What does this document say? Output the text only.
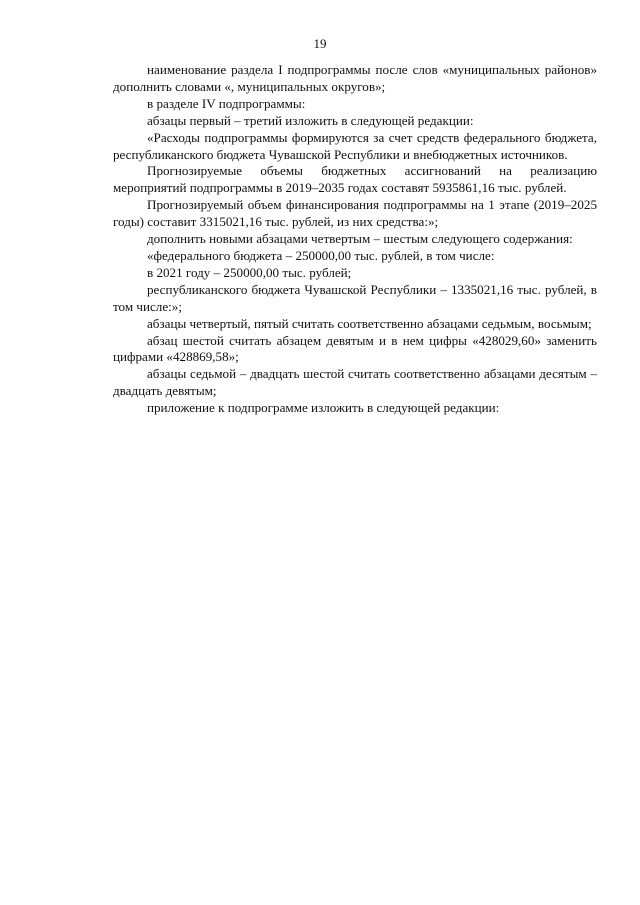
19

наименование раздела I подпрограммы после слов «муниципальных районов» дополнить словами «, муниципальных округов»;

в разделе IV подпрограммы:

абзацы первый – третий изложить в следующей редакции:

«Расходы подпрограммы формируются за счет средств федерального бюджета, республиканского бюджета Чувашской Республики и внебюджетных источников.

Прогнозируемые объемы бюджетных ассигнований на реализацию мероприятий подпрограммы в 2019–2035 годах составят 5935861,16 тыс. рублей.

Прогнозируемый объем финансирования подпрограммы на 1 этапе (2019–2025 годы) составит 3315021,16 тыс. рублей, из них средства:»;

дополнить новыми абзацами четвертым – шестым следующего содержания:

«федерального бюджета – 250000,00 тыс. рублей, в том числе:

в 2021 году – 250000,00 тыс. рублей;

республиканского бюджета Чувашской Республики – 1335021,16 тыс. рублей, в том числе:»;

абзацы четвертый, пятый считать соответственно абзацами седьмым, восьмым;

абзац шестой считать абзацем девятым и в нем цифры «428029,60» заменить цифрами «428869,58»;

абзацы седьмой – двадцать шестой считать соответственно абзацами десятым – двадцать девятым;

приложение к подпрограмме изложить в следующей редакции:
